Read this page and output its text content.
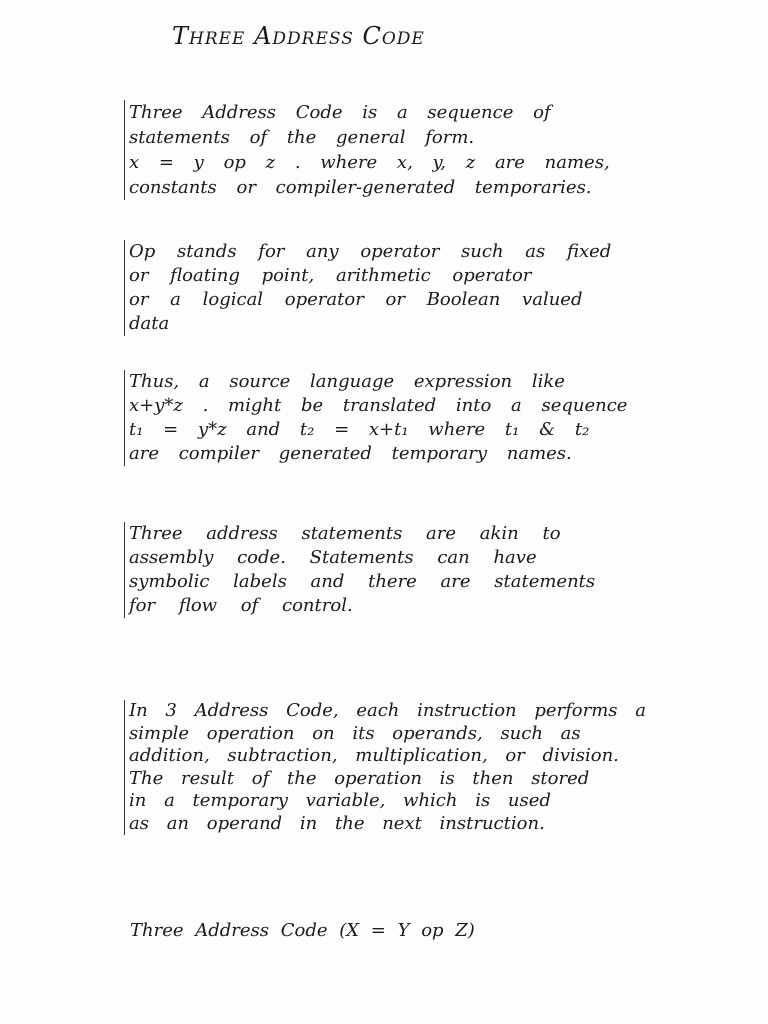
Three Address Code
Three Address Code is a sequence of
statements of the general form.
x = y op z . where x, y, z are names,
constants or compiler-generated temporaries.
Op stands for any operator such as fixed
or floating point, arithmetic operator
or a logical operator or Boolean valued
data
Thus, a source language expression like
x+y*z . might be translated into a sequence
t₁ = y*z and t₂ = x+t₁ where t₁ & t₂
are compiler generated temporary names.
Three address statements are akin to
assembly code. Statements can have
symbolic labels and there are statements
for flow of control.
In 3 Address Code, each instruction performs a
simple operation on its operands, such as
addition, subtraction, multiplication, or division.
The result of the operation is then stored
in a temporary variable, which is used
as an operand in the next instruction.
Three Address Code (X = Y op Z)
